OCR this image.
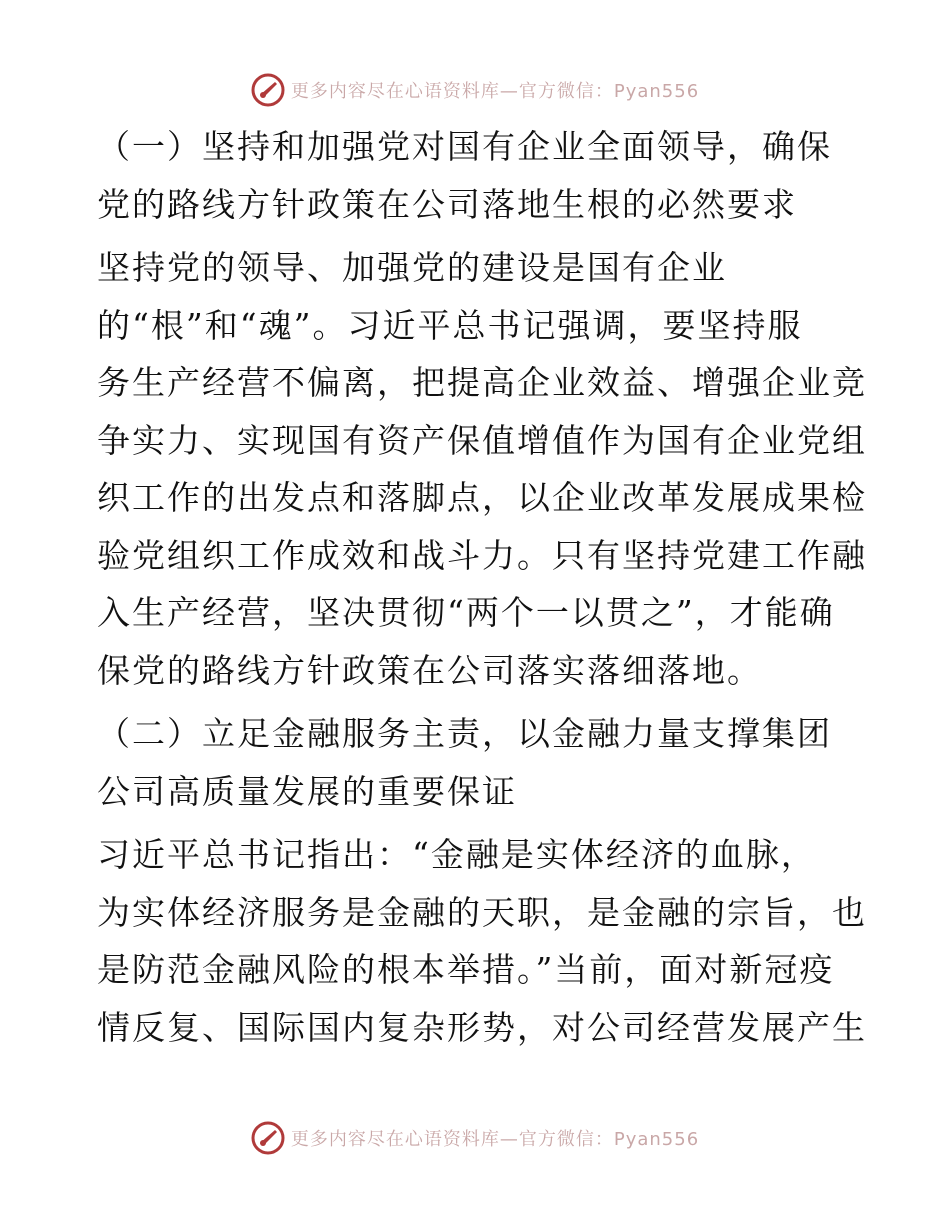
更多内容尽在心语资料库—官方微信：Pyan556
（一）坚持和加强党对国有企业全面领导，确保
党的路线方针政策在公司落地生根的必然要求
坚持党的领导、加强党的建设是国有企业
的“根”和“魂”。习近平总书记强调，要坚持服
务生产经营不偏离，把提高企业效益、增强企业竞
争实力、实现国有资产保值增值作为国有企业党组
织工作的出发点和落脚点，以企业改革发展成果检
验党组织工作成效和战斗力。只有坚持党建工作融
入生产经营，坚决贯彻“两个一以贯之”，才能确
保党的路线方针政策在公司落实落细落地。
（二）立足金融服务主责，以金融力量支撑集团
公司高质量发展的重要保证
习近平总书记指出：“金融是实体经济的血脉，
为实体经济服务是金融的天职，是金融的宗旨，也
是防范金融风险的根本举措。”当前，面对新冠疫
情反复、国际国内复杂形势，对公司经营发展产生
更多内容尽在心语资料库—官方微信：Pyan556
